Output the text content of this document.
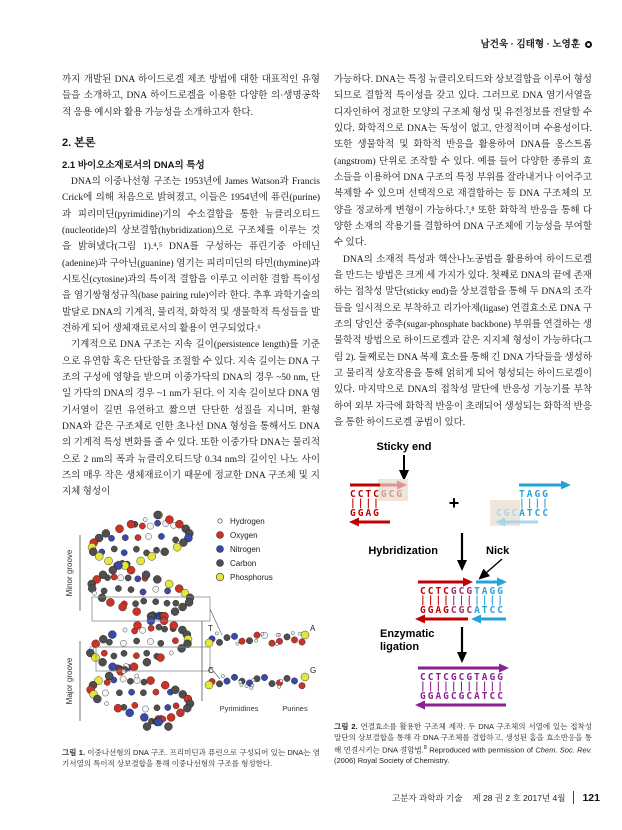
남건욱 · 김태형 · 노영훈

까지 개발된 DNA 하이드로겔 제조 방법에 대한 대표적인 유형들을 소개하고, DNA 하이드로겔을 이용한 다양한 의·생명공학적 응용 예시와 활용 가능성을 소개하고자 한다.

2. 본론
2.1 바이오소재로서의 DNA의 특성

DNA의 이중나선형 구조는 1953년에 James Watson과 Francis Crick에 의해 처음으로 밝혀졌고, 이들은 1954년에 퓨린(purine)과 피리미딘(pyrimidine)기의 수소결합을 통한 뉴클리오티드(nucleotide)의 상보결합(hybridization)으로 구조체를 이루는 것을 밝혀냈다(그림 1).⁴,⁵ DNA를 구성하는 퓨린기중 아데닌(adenine)과 구아닌(guanine) 염기는 피리미딘의 타민(thymine)과 시토신(cytosine)과의 특이적 결합을 이루고 이러한 결합 특이성을 염기쌍형성규칙(base pairing rule)이라 한다. 추후 과학기술의 발달로 DNA의 기계적, 물리적, 화학적 및 생물학적 특성들을 발견하게 되어 생체재료로서의 활용이 연구되었다.⁶

기계적으로 DNA 구조는 지속 길이(persistence length)를 기준으로 유연함 혹은 단단함을 조절할 수 있다. 지속 길이는 DNA 구조의 구성에 영향을 받으며 이중가닥의 DNA의 경우 ~50 nm, 단일 가닥의 DNA의 경우 ~1 nm가 된다. 이 지속 길이보다 DNA 염기서열이 길면 유연하고 짧으면 단단한 성질을 지니며, 환형 DNA와 같은 구조체로 인한 초나선 DNA 형성을 통해서도 DNA의 기계적 특성 변화를 줄 수 있다. 또한 이중가닥 DNA는 물리적으로 2 nm의 폭과 뉴클리오티드당 0.34 nm의 길이인 나노 사이즈의 매우 작은 생체재료이기 때문에 정교한 DNA 구조체 및 지지체 형성이

Minor groove
Major groove
Hydrogen
Oxygen
Nitrogen
Carbon
Phosphorus
T	A
C	G
Pyrimidines	Purines
그림 1. 이중나선형의 DNA 구조. 프리미딘과 퓨린으로 구성되어 있는 DNA는 염기서열의 특이적 상보결합을 통해 이중나선형의 구조를 형성한다.

가능하다. DNA는 특정 뉴클리오티드와 상보결합을 이루어 형성되므로 결합적 특이성을 갖고 있다. 그러므로 DNA 염기서열을 디자인하여 정교한 모양의 구조체 형성 및 유전정보를 전달할 수 있다. 화학적으로 DNA는 독성이 없고, 안정적이며 수용성이다. 또한 생물학적 및 화학적 반응을 활용하여 DNA를 옹스트롬(angstrom) 단위로 조작할 수 있다. 예를 들어 다양한 종류의 효소들을 이용하여 DNA 구조의 특정 부위를 잘라내거나 이어주고 복제할 수 있으며 선택적으로 재결합하는 등 DNA 구조체의 모양을 정교하게 변형이 가능하다.⁷,⁸ 또한 화학적 반응을 통해 다양한 소재의 작용기를 결합하여 DNA 구조체에 기능성을 부여할 수 있다.

DNA의 소재적 특성과 핵산나노공법을 활용하여 하이드로겔을 만드는 방법은 크게 세 가지가 있다. 첫째로 DNA의 끝에 존재하는 접착성 말단(sticky end)을 상보결합을 통해 두 DNA의 조각들을 일시적으로 부착하고 리가아제(ligase) 연결효소로 DNA 구조의 당인산 중추(sugar-phosphate backbone) 부위를 연결하는 생물학적 방법으로 하이드로겔과 같은 지지체 형성이 가능하다(그림 2). 둘째로는 DNA 복제 효소를 통해 긴 DNA 가닥들을 생성하고 물리적 상호작용을 통해 얽히게 되어 형성되는 하이드로겔이 있다. 마지막으로 DNA의 접착성 말단에 반응성 기능기를 부착하여 외부 자극에 화학적 반응이 초래되어 생성되는 화학적 반응을 통한 하이드로겔 공법이 있다.

Sticky end
CCTCGCG
||||
GGAG
+	TAGG
||||
CGCATCC
Hybridization	Nick
CCTCGCGTAGG
|||||||||||
GGAGCGCATCC
Enzymatic
ligation
CCTCGCGTAGG
|||||||||||
GGAGCGCATCC
그림 2. 연결효소를 활용한 구조체 제작. 두 DNA 구조체의 서열에 있는 접착성 말단의 상보결합을 통해 각 DNA 구조체를 결합하고, 생성된 홈을 효소반응을 통해 연결시키는 DNA 결합법.$^8$ Reproduced with permission of Chem. Soc. Rev. (2006) Royal Society of Chemistry.
고분자 과학과 기술 제 28 권 2 호 2017년 4월 121
